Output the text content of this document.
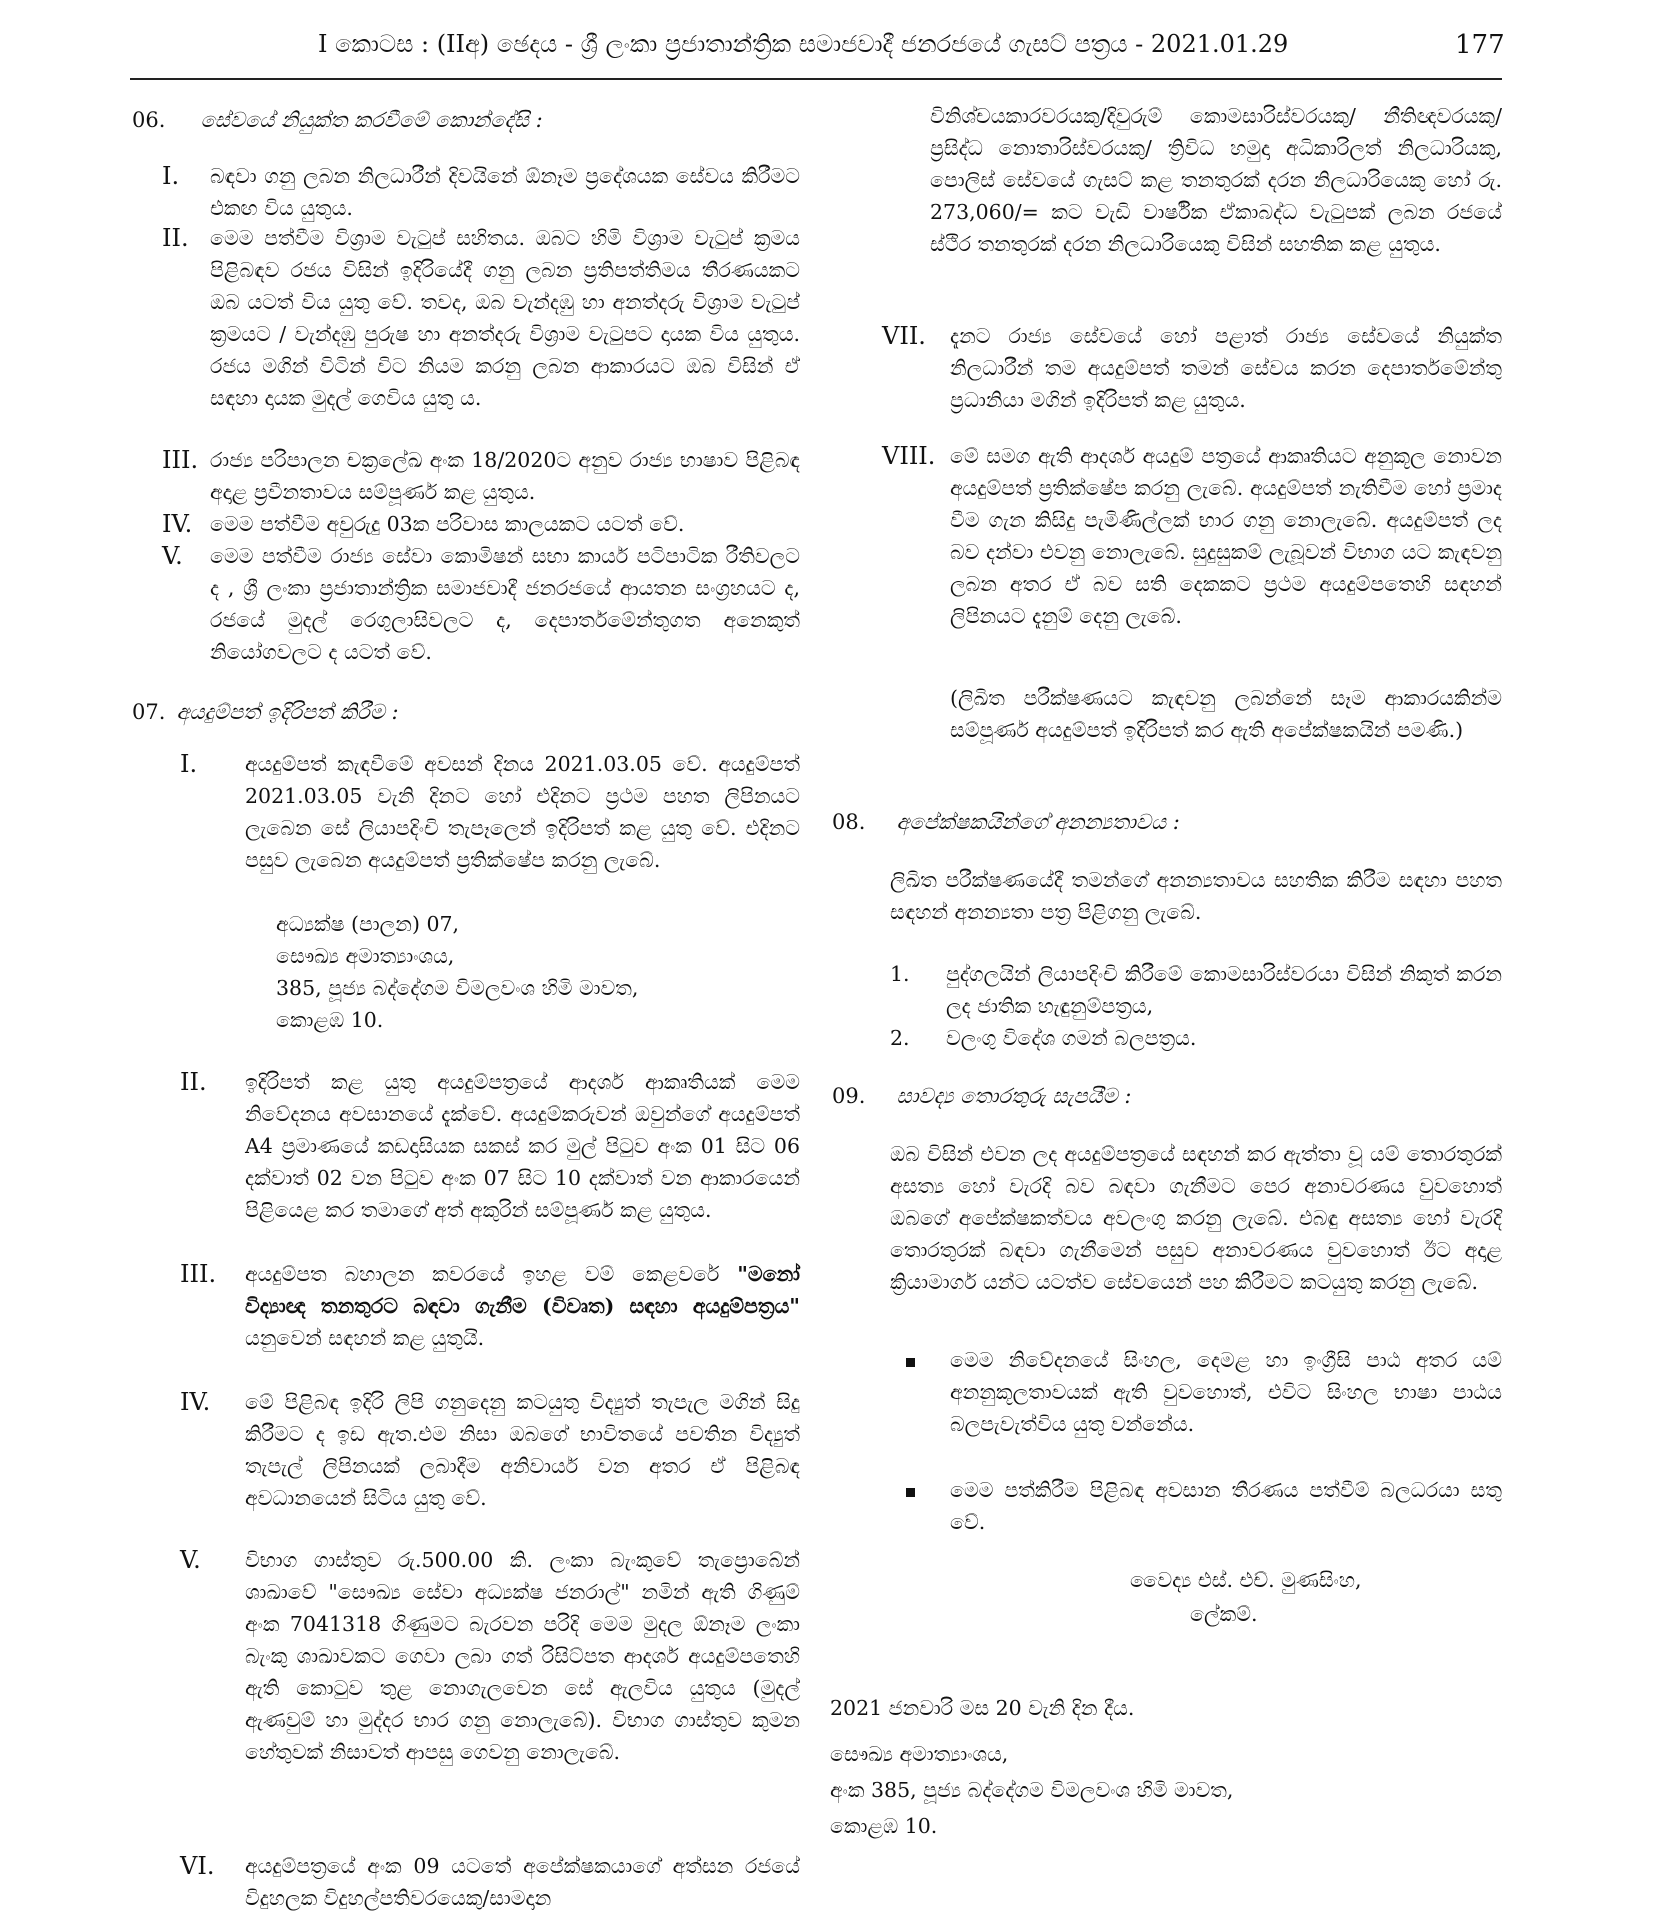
I කොටස : (IIඅ) ඡෙදය - ශ්‍රී ලංකා ප්‍රජාතාන්ත්‍රික සමාජවාදී ජනරජයේ ගැසට් පත්‍රය - 2021.01.29	177
06. සේවයේ නියුක්ත කරවීමේ කොන්දේසි :
I. බඳවා ගනු ලබන නිලධාරීන් දිවයිනේ ඕනෑම ප්‍රදේශයක සේවය කිරීමට එකඟ විය යුතුය.
II. මෙම පත්වීම විශ්‍රාම වැටුප් සහිතය. ඔබට හිමි විශ්‍රාම වැටුප් ක්‍රමය පිළිබඳව රජය විසින් ඉදිරියේදී ගනු ලබන ප්‍රතිපත්තිමය තීරණයකට ඔබ යටත් විය යුතු වේ. තවද, ඔබ වැන්දඹු හා අනත්දරු විශ්‍රාම වැටුප් ක්‍රමයට / වැන්දඹු පුරුෂ හා අනත්දරු විශ්‍රාම වැටුපට දායක විය යුතුය. රජය මගින් විටින් විට නියම කරනු ලබන ආකාරයට ඔබ විසින් ඒ සඳහා දායක මුදල් ගෙවිය යුතු ය.
III. රාජ්‍ය පරිපාලන චක්‍රලේඛ අංක 18/2020ට අනුව රාජ්‍ය භාෂාව පිළිබඳ අදාළ ප්‍රවීනතාවය සම්පූර්ණ කළ යුතුය.
IV. මෙම පත්වීම අවුරුදු 03ක පරිවාස කාලයකට යටත් වේ.
V. මෙම පත්වීම රාජ්‍ය සේවා කොමිෂන් සභා කාර්ය පටිපාටික රීතිවලට ද , ශ්‍රී ලංකා ප්‍රජාතාන්ත්‍රික සමාජවාදී ජනරජයේ ආයතන සංග්‍රහයට ද, රජයේ මුදල් රෙගුලාසිවලට ද, දෙපාර්තමේන්තුගත අනෙකුත් නියෝගවලට ද යටත් වේ.
07. අයදුම්පත් ඉදිරිපත් කිරීම :
I. අයදුම්පත් කැඳවීමේ අවසන් දිනය 2021.03.05 වේ. අයදුම්පත් 2021.03.05 වැනි දිනට හෝ එදිනට ප්‍රථම පහත ලිපිනයට ලැබෙන සේ ලියාපදිංචි තැපෑලෙන් ඉදිරිපත් කළ යුතු වේ. එදිනට පසුව ලැබෙන අයදුම්පත් ප්‍රතික්ෂේප කරනු ලැබේ.
අධ්‍යක්ෂ (පාලන) 07,
සෞඛ්‍ය අමාත්‍යාංශය,
385, පූජ්‍ය බද්දේගම විමලවංශ හිමි මාවත,
කොළඹ 10.
II. ඉදිරිපත් කළ යුතු අයදුම්පත්‍රයේ ආදර්ශ ආකෘතියක් මෙම නිවේදනය අවසානයේ දැක්වේ. අයදුම්කරුවන් ඔවුන්ගේ අයදුම්පත් A4 ප්‍රමාණයේ කඩදාසියක සකස් කර මුල් පිටුව අංක 01 සිට 06 දක්වාත් 02 වන පිටුව අංක 07 සිට 10 දක්වාත් වන ආකාරයෙන් පිළියෙළ කර තමාගේ අත් අකුරින් සම්පූර්ණ කළ යුතුය.
III. අයදුම්පත බහාලන කවරයේ ඉහළ වම් කෙළවරේ "මනෝ විද්‍යාඥ තනතුරට බඳවා ගැනීම (විවෘත) සඳහා අයදුම්පත්‍රය" යනුවෙන් සඳහන් කළ යුතුයි.
IV. මේ පිළිබඳ ඉදිරි ලිපි ගනුදෙනු කටයුතු විද්‍යුත් තැපැල මගින් සිදු කිරීමට ද ඉඩ ඇත.එම නිසා ඔබගේ භාවිතයේ පවතින විද්‍යුත් තැපැල් ලිපිනයක් ලබාදීම අනිවාර්ය වන අතර ඒ පිළිබඳ අවධානයෙන් සිටිය යුතු වේ.
V. විභාග ගාස්තුව රු.500.00 කි. ලංකා බැංකුවේ තැප්‍රොබේන් ශාඛාවේ "සෞඛ්‍ය සේවා අධ්‍යක්ෂ ජනරාල්" නමින් ඇති ගිණුම් අංක 7041318 ගිණුමට බැරවන පරිදි මෙම මුදල ඕනෑම ලංකා බැංකු ශාඛාවකට ගෙවා ලබා ගත් රිසිට්පත ආදර්ශ අයදුම්පතෙහි ඇති කොටුව තුළ නොගැලවෙන සේ ඇලවිය යුතුය (මුදල් ඇණවුම් හා මුද්දර භාර ගනු නොලැබේ). විභාග ගාස්තුව කුමන හේතුවක් නිසාවත් ආපසු ගෙවනු නොලැබේ.
VI. අයදුම්පත්‍රයේ අංක 09 යටතේ අපේක්ෂකයාගේ අත්සන රජයේ විදුහලක විදුහල්පතිවරයෙකු/සාමදාන
විනිශ්චයකාරවරයකු/දිවුරුම් කොමසාරිස්වරයකු/ නීතිඥවරයකු/ප්‍රසිද්ධ නොතාරිස්වරයකු/ ත්‍රිවිධ හමුදා අධිකාරිලත් නිලධාරියකු, පොලිස් සේවයේ ගැසට් කළ තනතුරක් දරන නිලධාරියෙකු හෝ රු. 273,060/= කට වැඩි වාර්ෂික ඒකාබද්ධ වැටුපක් ලබන රජයේ ස්ථිර තනතුරක් දරන නිලධාරියෙකු විසින් සහතික කළ යුතුය.
VII. දැනට රාජ්‍ය සේවයේ හෝ පළාත් රාජ්‍ය සේවයේ නියුක්ත නිලධාරීන් තම අයදුම්පත් තමන් සේවය කරන දෙපාර්තමේන්තු ප්‍රධානියා මගින් ඉදිරිපත් කළ යුතුය.
VIII. මේ සමග ඇති ආදර්ශ අයදුම් පත්‍රයේ ආකෘතියට අනුකූල නොවන අයදුම්පත් ප්‍රතික්ෂේප කරනු ලැබේ. අයදුම්පත් නැතිවීම හෝ ප්‍රමාද වීම ගැන කිසිදු පැමිණිල්ලක් භාර ගනු නොලැබේ. අයදුම්පත් ලද බව දන්වා එවනු නොලැබේ. සුදුසුකම් ලැබූවන් විභාග යට කැඳවනු ලබන අතර ඒ බව සති දෙකකට ප්‍රථම අයදුම්පතෙහි සඳහන් ලිපිනයට දැනුම් දෙනු ලැබේ.
(ලිඛිත පරීක්ෂණයට කැඳවනු ලබන්නේ සෑම ආකාරයකින්ම සම්පූර්ණ අයදුම්පත් ඉදිරිපත් කර ඇති අපේක්ෂකයින් පමණි.)
08. අපේක්ෂකයින්ගේ අනන්‍යතාවය :
ලිඛිත පරීක්ෂණයේදී තමන්ගේ අනන්‍යතාවය සහතික කිරීම සඳහා පහත සඳහන් අනන්‍යතා පත්‍ර පිළිගනු ලැබේ.
1. පුද්ගලයින් ලියාපදිංචි කිරීමේ කොමසාරිස්වරයා විසින් නිකුත් කරන ලද ජාතික හැඳුනුම්පත්‍රය,
2. වලංගු විදේශ ගමන් බලපත්‍රය.
09. සාවද්‍ය තොරතුරු සැපයීම :
ඔබ විසින් එවන ලද අයදුම්පත්‍රයේ සඳහන් කර ඇත්තා වූ යම් තොරතුරක් අසත්‍ය හෝ වැරදි බව බඳවා ගැනීමට පෙර අනාවරණය වුවහොත් ඔබගේ අපේක්ෂකත්වය අවලංගු කරනු ලැබේ. එබඳු අසත්‍ය හෝ වැරදි තොරතුරක් බඳවා ගැනීමෙන් පසුව අනාවරණය වුවහොත් ඊට අදාළ ක්‍රියාමාර්ග යන්ට යටත්ව සේවයෙන් පහ කිරීමට කටයුතු කරනු ලැබේ.
මෙම නිවේදනයේ සිංහල, දෙමළ හා ඉංග්‍රීසි පාඨ අතර යම් අනනුකූලතාවයක් ඇති වුවහොත්, එවිට සිංහල භාෂා පාඨය බලපැවැත්විය යුතු වන්නේය.
මෙම පත්කිරීම පිළිබඳ අවසාන තීරණය පත්වීම් බලධරයා සතු වේ.
වෛද්‍ය එස්. එච්. මුණසිංහ,
ලේකම්.
2021 ජනවාරි මස 20 වැනි දින දීය.
සෞඛ්‍ය අමාත්‍යාංශය,
අංක 385, පූජ්‍ය බද්දේගම විමලවංශ හිමි මාවත,
කොළඹ 10.
